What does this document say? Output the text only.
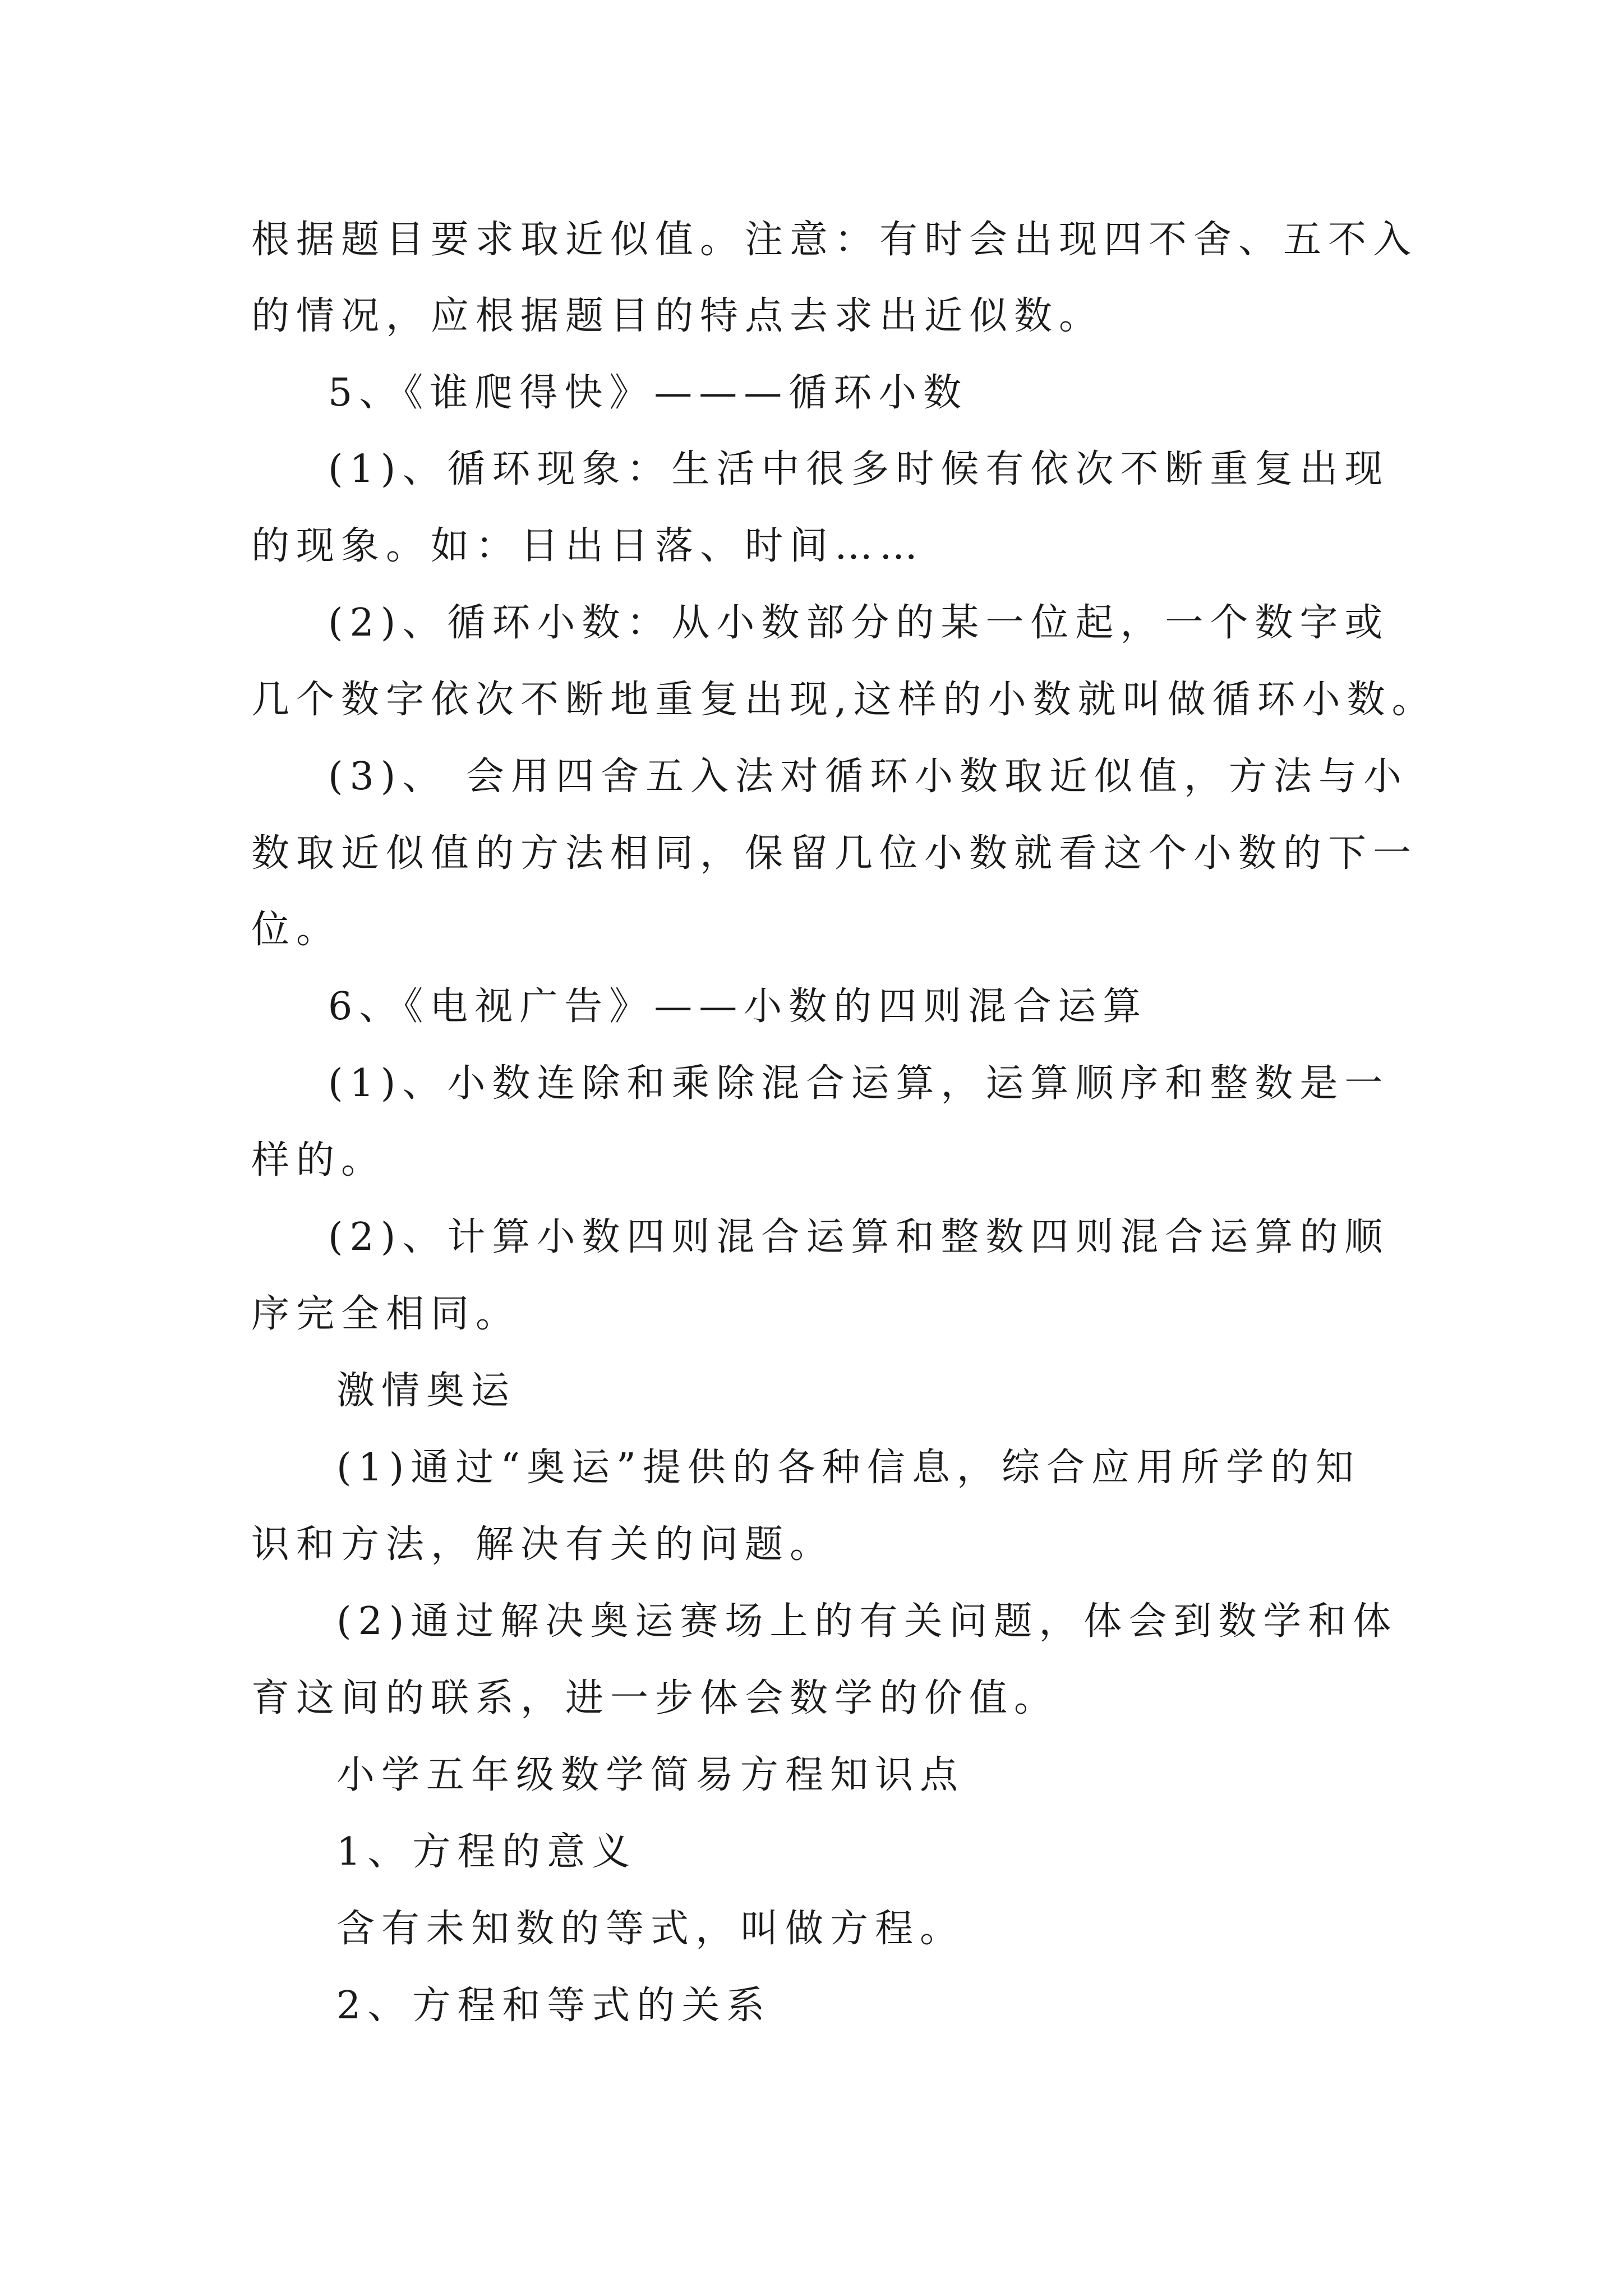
根据题目要求取近似值。注意：有时会出现四不舍、五不入

的情况，应根据题目的特点去求出近似数。

5、《谁爬得快》———循环小数

(1)、循环现象：生活中很多时候有依次不断重复出现

的现象。如：日出日落、时间……

(2)、循环小数：从小数部分的某一位起，一个数字或

几个数字依次不断地重复出现,这样的小数就叫做循环小数。

(3)、 会用四舍五入法对循环小数取近似值，方法与小

数取近似值的方法相同，保留几位小数就看这个小数的下一

位。

6、《电视广告》——小数的四则混合运算

(1)、小数连除和乘除混合运算，运算顺序和整数是一

样的。

(2)、计算小数四则混合运算和整数四则混合运算的顺

序完全相同。

激情奥运

(1)通过“奥运”提供的各种信息，综合应用所学的知

识和方法，解决有关的问题。

(2)通过解决奥运赛场上的有关问题，体会到数学和体

育这间的联系，进一步体会数学的价值。

小学五年级数学简易方程知识点

1、方程的意义

含有未知数的等式，叫做方程。

2、方程和等式的关系
